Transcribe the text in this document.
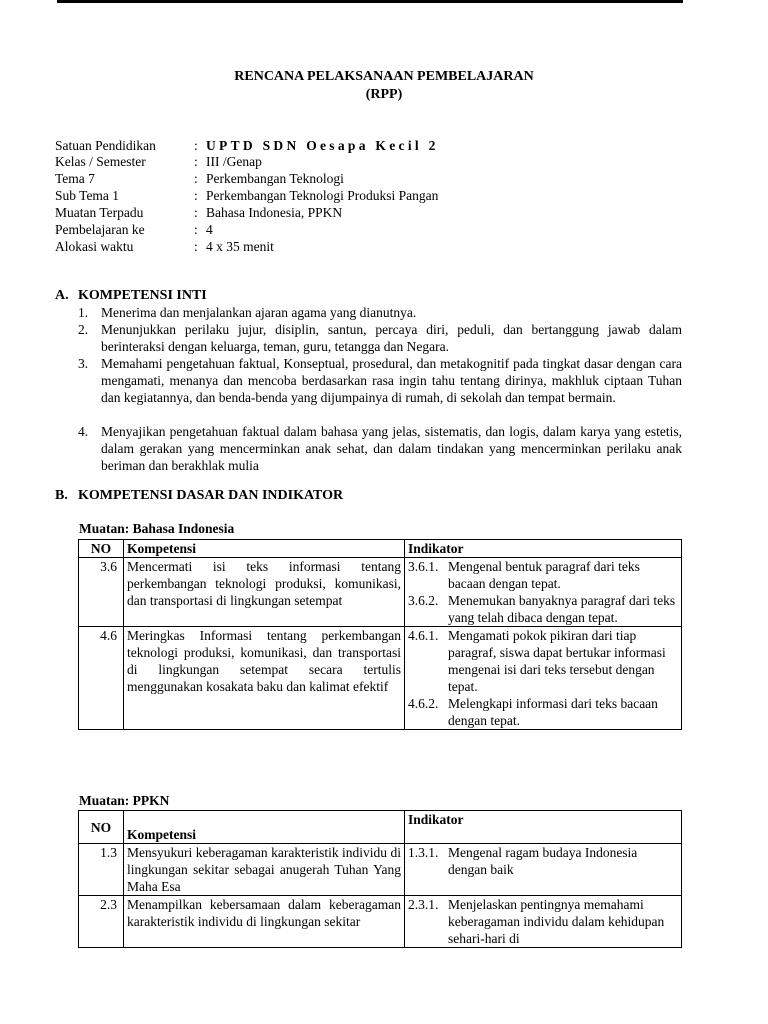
RENCANA PELAKSANAAN PEMBELAJARAN
(RPP)
Satuan Pendidikan	: UPTD SDN Oesapa Kecil 2
Kelas / Semester	: III /Genap
Tema 7	: Perkembangan Teknologi
Sub Tema 1	: Perkembangan Teknologi Produksi Pangan
Muatan Terpadu	: Bahasa Indonesia, PPKN
Pembelajaran ke	: 4
Alokasi waktu	: 4 x 35 menit
A. KOMPETENSI INTI
1. Menerima dan menjalankan ajaran agama yang dianutnya.
2. Menunjukkan perilaku jujur, disiplin, santun, percaya diri, peduli, dan bertanggung jawab dalam berinteraksi dengan keluarga, teman, guru, tetangga dan Negara.
3. Memahami pengetahuan faktual, Konseptual, prosedural, dan metakognitif pada tingkat dasar dengan cara mengamati, menanya dan mencoba berdasarkan rasa ingin tahu tentang dirinya, makhluk ciptaan Tuhan dan kegiatannya, dan benda-benda yang dijumpainya di rumah, di sekolah dan tempat bermain.
4. Menyajikan pengetahuan faktual dalam bahasa yang jelas, sistematis, dan logis, dalam karya yang estetis, dalam gerakan yang mencerminkan anak sehat, dan dalam tindakan yang mencerminkan perilaku anak beriman dan berakhlak mulia
B. KOMPETENSI DASAR DAN INDIKATOR
Muatan: Bahasa Indonesia
NO	Kompetensi	Indikator
3.6	Mencermati isi teks informasi tentang perkembangan teknologi produksi, komunikasi, dan transportasi di lingkungan setempat	3.6.1. Mengenal bentuk paragraf dari teks bacaan dengan tepat.
3.6.2. Menemukan banyaknya paragraf dari teks yang telah dibaca dengan tepat.

4.6	Meringkas Informasi tentang perkembangan teknologi produksi, komunikasi, dan transportasi di lingkungan setempat secara tertulis menggunakan kosakata baku dan kalimat efektif	4.6.1. Mengamati pokok pikiran dari tiap paragraf, siswa dapat bertukar informasi mengenai isi dari teks tersebut dengan tepat.
4.6.2. Melengkapi informasi dari teks bacaan dengan tepat.
Muatan: PPKN
NO	Kompetensi	Indikator
1.3	Mensyukuri keberagaman karakteristik individu di lingkungan sekitar sebagai anugerah Tuhan Yang Maha Esa	1.3.1. Mengenal ragam budaya Indonesia dengan baik

2.3	Menampilkan kebersamaan dalam keberagaman karakteristik individu di lingkungan sekitar	2.3.1. Menjelaskan pentingnya memahami keberagaman individu dalam kehidupan sehari-hari di
